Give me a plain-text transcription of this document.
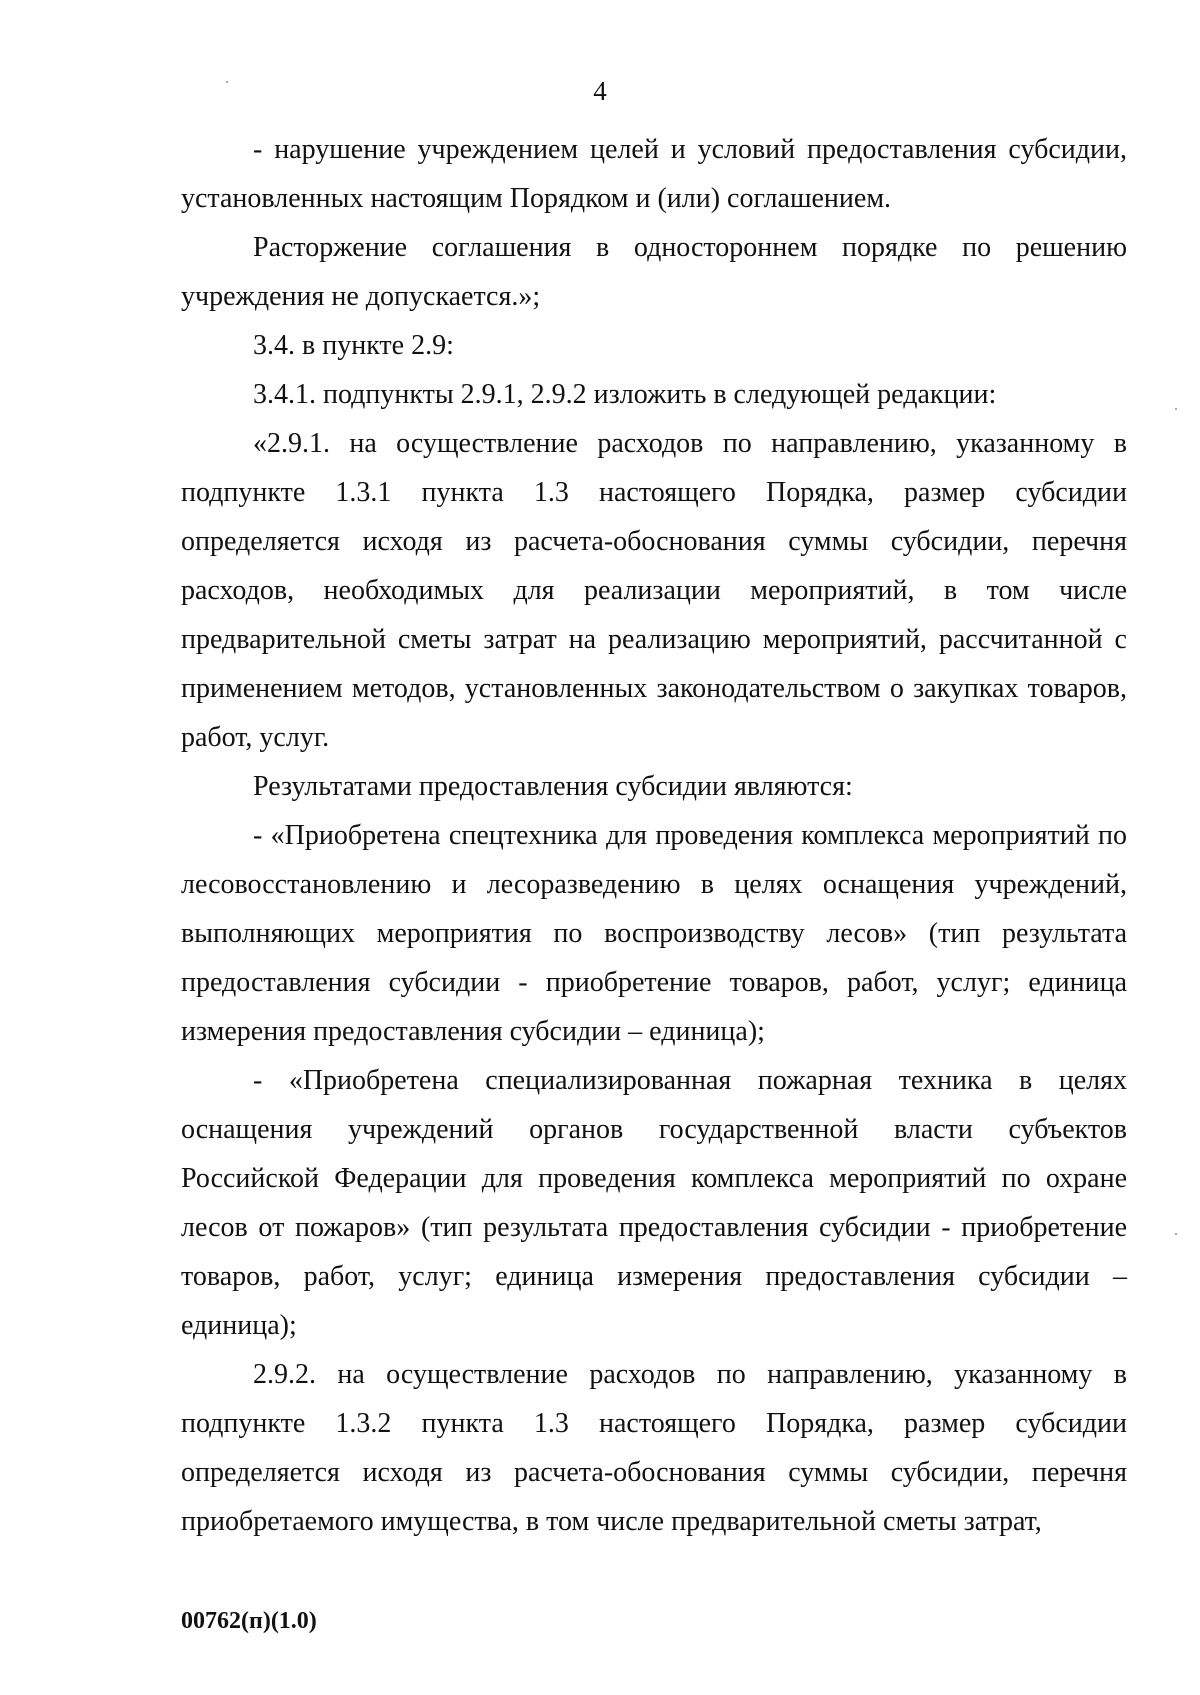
4

- нарушение учреждением целей и условий предоставления субсидии, установленных настоящим Порядком и (или) соглашением.

Расторжение соглашения в одностороннем порядке по решению учреждения не допускается.»;

3.4. в пункте 2.9:

3.4.1. подпункты 2.9.1, 2.9.2 изложить в следующей редакции:

«2.9.1. на осуществление расходов по направлению, указанному в подпункте 1.3.1 пункта 1.3 настоящего Порядка, размер субсидии определяется исходя из расчета-обоснования суммы субсидии, перечня расходов, необходимых для реализации мероприятий, в том числе предварительной сметы затрат на реализацию мероприятий, рассчитанной с применением методов, установленных законодательством о закупках товаров, работ, услуг.

Результатами предоставления субсидии являются:

- «Приобретена спецтехника для проведения комплекса мероприятий по лесовосстановлению и лесоразведению в целях оснащения учреждений, выполняющих мероприятия по воспроизводству лесов» (тип результата предоставления субсидии - приобретение товаров, работ, услуг; единица измерения предоставления субсидии – единица);

- «Приобретена специализированная пожарная техника в целях оснащения учреждений органов государственной власти субъектов Российской Федерации для проведения комплекса мероприятий по охране лесов от пожаров» (тип результата предоставления субсидии - приобретение товаров, работ, услуг; единица измерения предоставления субсидии – единица);

2.9.2. на осуществление расходов по направлению, указанному в подпункте 1.3.2 пункта 1.3 настоящего Порядка, размер субсидии определяется исходя из расчета-обоснования суммы субсидии, перечня приобретаемого имущества, в том числе предварительной сметы затрат,

00762(п)(1.0)
